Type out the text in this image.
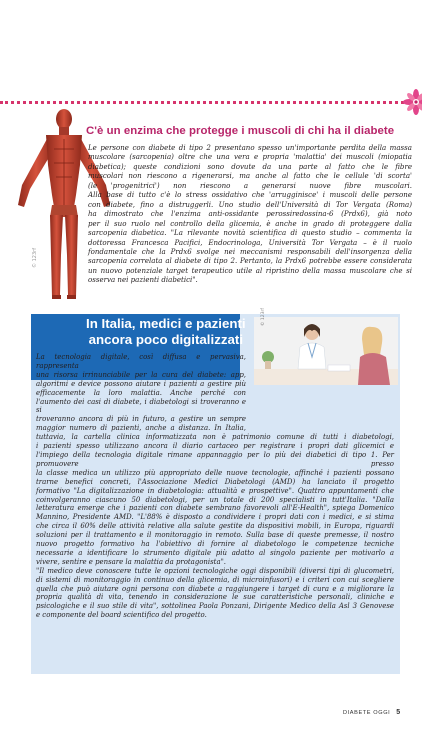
© 123rf
C'è un enzima che protegge i muscoli di chi ha il diabete

Le persone con diabete di tipo 2 presentano spesso un'importante perdita della massa
muscolare (sarcopenia) oltre che una vera e propria 'malattia' dei muscoli (miopatia
diabetica); queste condizioni sono dovute da una parte al fatto che le fibre
muscolari non riescono a rigenerarsi, ma anche al fatto che le cellule 'di scorta'
(le 'progenitrici') non riescono a generarsi nuove fibre muscolari.

Alla base di tutto c'è lo stress ossidativo che 'arrugginisce' i muscoli delle persone
con diabete, fino a distruggerli. Uno studio dell'Università di Tor Vergata (Roma)
ha dimostrato che l'enzima anti-ossidante perossiredossina-6 (Prdx6), già noto
per il suo ruolo nel controllo della glicemia, è anche in grado di proteggere dalla
sarcopenia diabetica. "La rilevante novità scientifica di questo studio – commenta la
dottoressa Francesca Pacifici, Endocrinologa, Università Tor Vergata – è il ruolo
fondamentale che la Prdx6 svolge nei meccanismi responsabili dell'insorgenza della
sarcopenia correlata al diabete di tipo 2. Pertanto, la Prdx6 potrebbe essere considerata
un nuovo potenziale target terapeutico utile al ripristino della massa muscolare che si
osserva nei pazienti diabetici".

In Italia, medici e pazienti
ancora poco digitalizzati
© 123rf
La tecnologia digitale, così diffusa e pervasiva, rappresenta
una risorsa irrinunciabile per la cura del diabete: app,
algoritmi e device possono aiutare i pazienti a gestire più
efficacemente la loro malattia. Anche perché con
l'aumento dei casi di diabete, i diabetologi si troveranno e si
troveranno ancora di più in futuro, a gestire un sempre
maggior numero di pazienti, anche a distanza. In Italia,
tuttavia, la cartella clinica informatizzata non è patrimonio comune di tutti i diabetologi,
i pazienti spesso utilizzano ancora il diario cartaceo per registrare i propri dati glicemici e
l'impiego della tecnologia digitale rimane appannaggio per lo più dei diabetici di tipo 1. Per promuovere presso
la classe medica un utilizzo più appropriato delle nuove tecnologie, affinché i pazienti possano
trarne benefici concreti, l'Associazione Medici Diabetologi (AMD) ha lanciato il progetto
formativo "La digitalizzazione in diabetologia: attualità e prospettive". Quattro appuntamenti che
coinvolgeranno ciascuno 50 diabetologi, per un totale di 200 specialisti in tutt'Italia. "Dalla
letteratura emerge che i pazienti con diabete sembrano favorevoli all'E-Health", spiega Domenico
Mannino, Presidente AMD. "L'88% è disposto a condividere i propri dati con i medici, e si stima
che circa il 60% delle attività relative alla salute gestite da dispositivi mobili, in Europa, riguardi
soluzioni per il trattamento e il monitoraggio in remoto. Sulla base di queste premesse, il nostro
nuovo progetto formativo ha l'obiettivo di fornire al diabetologo le competenze tecniche
necessarie a identificare lo strumento digitale più adatto al singolo paziente per motivarlo a
vivere, sentire e pensare la malattia da protagonista".
"Il medico deve conoscere tutte le opzioni tecnologiche oggi disponibili (diversi tipi di glucometri,
di sistemi di monitoraggio in continuo della glicemia, di microinfusori) e i criteri con cui scegliere
quella che può aiutare ogni persona con diabete a raggiungere i target di cura e a migliorare la
propria qualità di vita, tenendo in considerazione le sue caratteristiche personali, cliniche e
psicologiche e il suo stile di vita", sottolinea Paola Ponzani, Dirigente Medico della Asl 3 Genovese
e componente del board scientifico del progetto.
DIABETE OGGI 5
